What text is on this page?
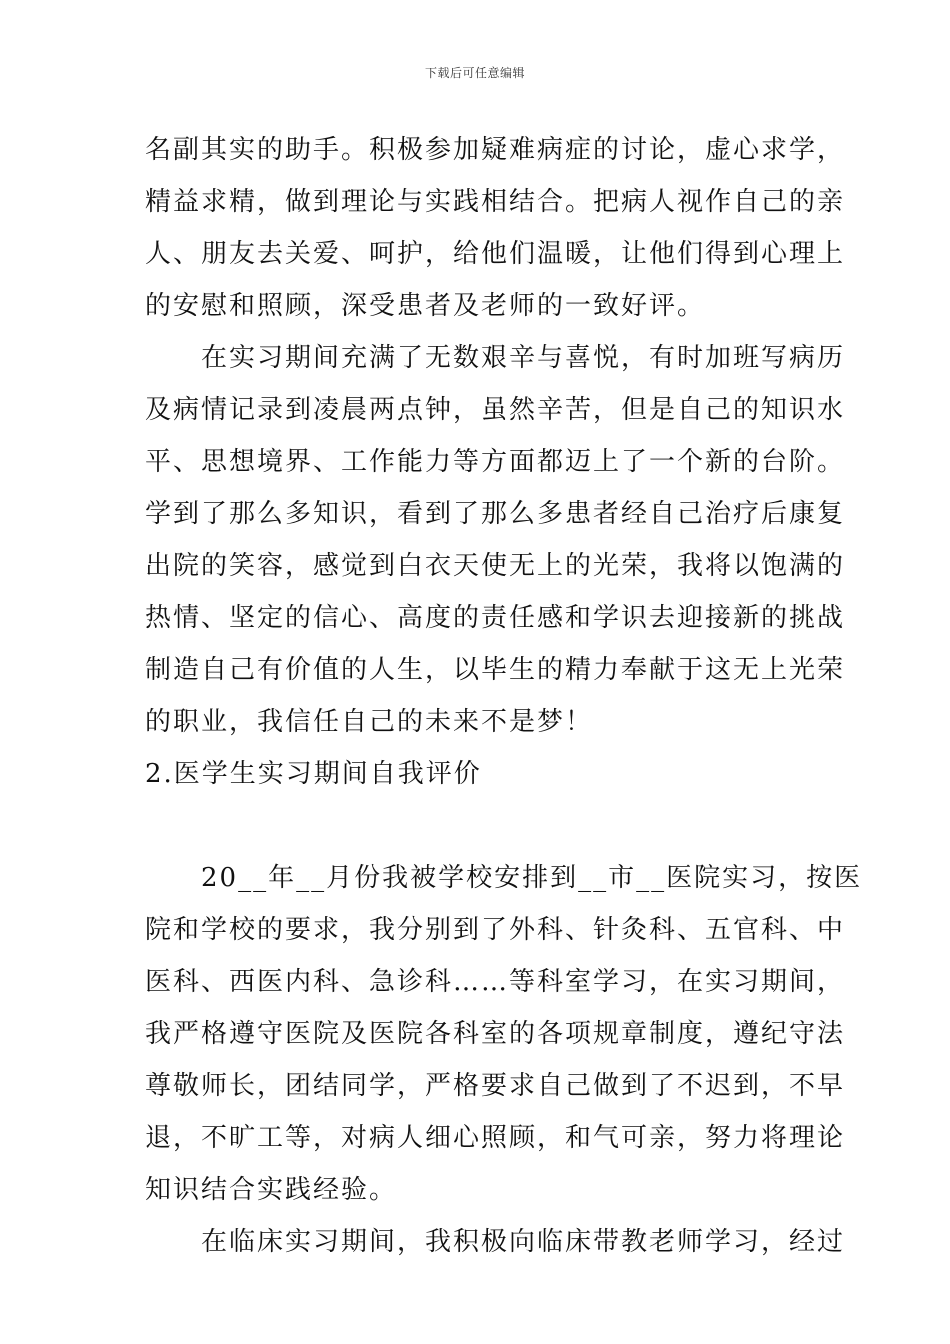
下载后可任意编辑
名副其实的助手。积极参加疑难病症的讨论，虚心求学，
精益求精，做到理论与实践相结合。把病人视作自己的亲
人、朋友去关爱、呵护，给他们温暖，让他们得到心理上
的安慰和照顾，深受患者及老师的一致好评。
在实习期间充满了无数艰辛与喜悦，有时加班写病历
及病情记录到凌晨两点钟，虽然辛苦，但是自己的知识水
平、思想境界、工作能力等方面都迈上了一个新的台阶。
学到了那么多知识，看到了那么多患者经自己治疗后康复
出院的笑容，感觉到白衣天使无上的光荣，我将以饱满的
热情、坚定的信心、高度的责任感和学识去迎接新的挑战
制造自己有价值的人生，以毕生的精力奉献于这无上光荣
的职业，我信任自己的未来不是梦！
2.医学生实习期间自我评价
20__年__月份我被学校安排到__市__医院实习，按医
院和学校的要求，我分别到了外科、针灸科、五官科、中
医科、西医内科、急诊科……等科室学习，在实习期间，
我严格遵守医院及医院各科室的各项规章制度，遵纪守法
尊敬师长，团结同学，严格要求自己做到了不迟到，不早
退，不旷工等，对病人细心照顾，和气可亲，努力将理论
知识结合实践经验。
在临床实习期间，我积极向临床带教老师学习，经过
